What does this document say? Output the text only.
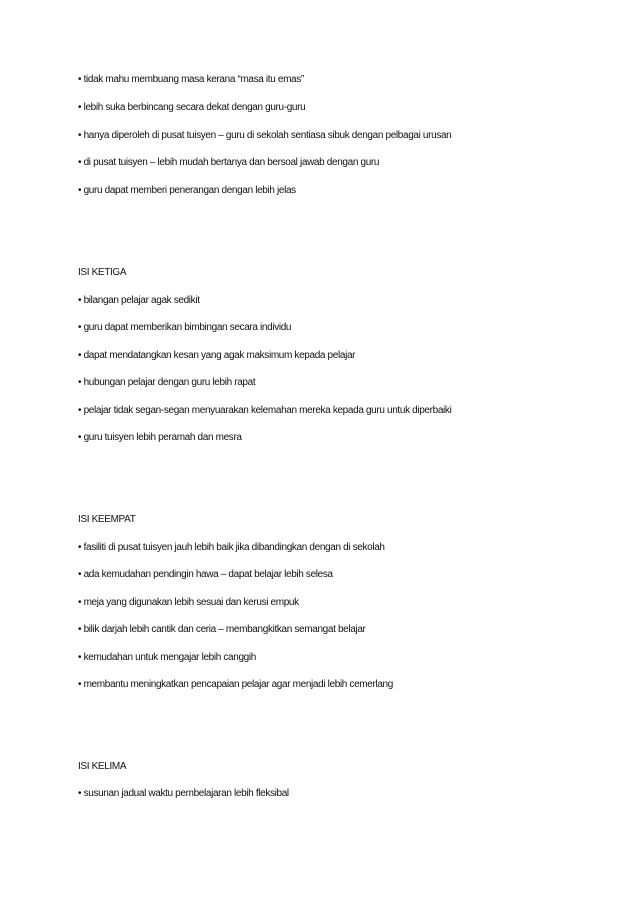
• tidak mahu membuang masa kerana “masa itu emas”
• lebih suka berbincang secara dekat dengan guru-guru
• hanya diperoleh di pusat tuisyen – guru di sekolah sentiasa sibuk dengan pelbagai urusan
• di pusat tuisyen – lebih mudah bertanya dan bersoal jawab dengan guru
• guru dapat memberi penerangan dengan lebih jelas
ISI KETIGA
• bilangan pelajar agak sedikit
• guru dapat memberikan bimbingan secara individu
• dapat mendatangkan kesan yang agak maksimum kepada pelajar
• hubungan pelajar dengan guru lebih rapat
• pelajar tidak segan-segan menyuarakan kelemahan mereka kepada guru untuk diperbaiki
• guru tuisyen lebih peramah dan mesra
ISI KEEMPAT
• fasiliti di pusat tuisyen jauh lebih baik jika dibandingkan dengan di sekolah
• ada kemudahan pendingin hawa – dapat belajar lebih selesa
• meja yang digunakan lebih sesuai dan kerusi empuk
• bilik darjah lebih cantik dan ceria – membangkitkan semangat belajar
• kemudahan untuk mengajar lebih canggih
• membantu meningkatkan pencapaian pelajar agar menjadi lebih cemerlang
ISI KELIMA
• susunan jadual waktu pembelajaran lebih fleksibal
